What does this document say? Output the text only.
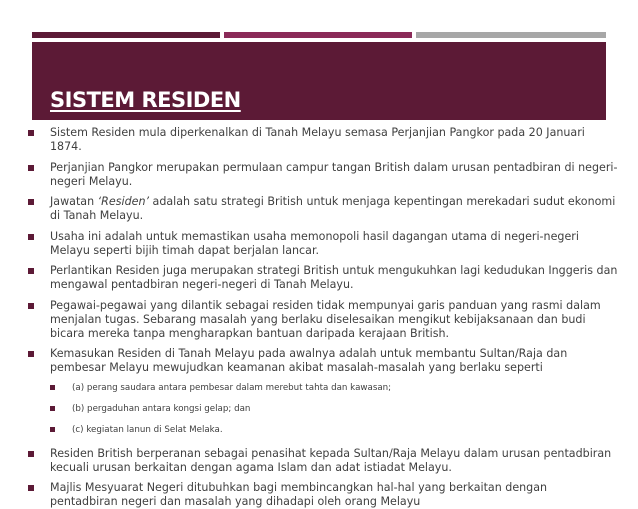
SISTEM RESIDEN
Sistem Residen mula diperkenalkan di Tanah Melayu semasa Perjanjian Pangkor pada 20 Januari 1874.
Perjanjian Pangkor merupakan permulaan campur tangan British dalam urusan pentadbiran di negeri-negeri Melayu.
Jawatan ‘Residen’ adalah satu strategi British untuk menjaga kepentingan merekadari sudut ekonomi di Tanah Melayu.
Usaha ini adalah untuk memastikan usaha memonopoli hasil dagangan utama di negeri-negeri Melayu seperti bijih timah dapat berjalan lancar.
Perlantikan Residen juga merupakan strategi British untuk mengukuhkan lagi kedudukan Inggeris dan mengawal pentadbiran negeri-negeri di Tanah Melayu.
Pegawai-pegawai yang dilantik sebagai residen tidak mempunyai garis panduan yang rasmi dalam menjalan tugas. Sebarang masalah yang berlaku diselesaikan mengikut kebijaksanaan dan budi bicara mereka tanpa mengharapkan bantuan daripada kerajaan British.
Kemasukan Residen di Tanah Melayu pada awalnya adalah untuk membantu Sultan/Raja dan pembesar Melayu mewujudkan keamanan akibat masalah-masalah yang berlaku seperti
(a) perang saudara antara pembesar dalam merebut tahta dan kawasan;
(b) pergaduhan antara kongsi gelap; dan
(c) kegiatan lanun di Selat Melaka.
Residen British berperanan sebagai penasihat kepada Sultan/Raja Melayu dalam urusan pentadbiran kecuali urusan berkaitan dengan agama Islam dan adat istiadat Melayu.
Majlis Mesyuarat Negeri ditubuhkan bagi membincangkan hal-hal yang berkaitan dengan pentadbiran negeri dan masalah yang dihadapi oleh orang Melayu
